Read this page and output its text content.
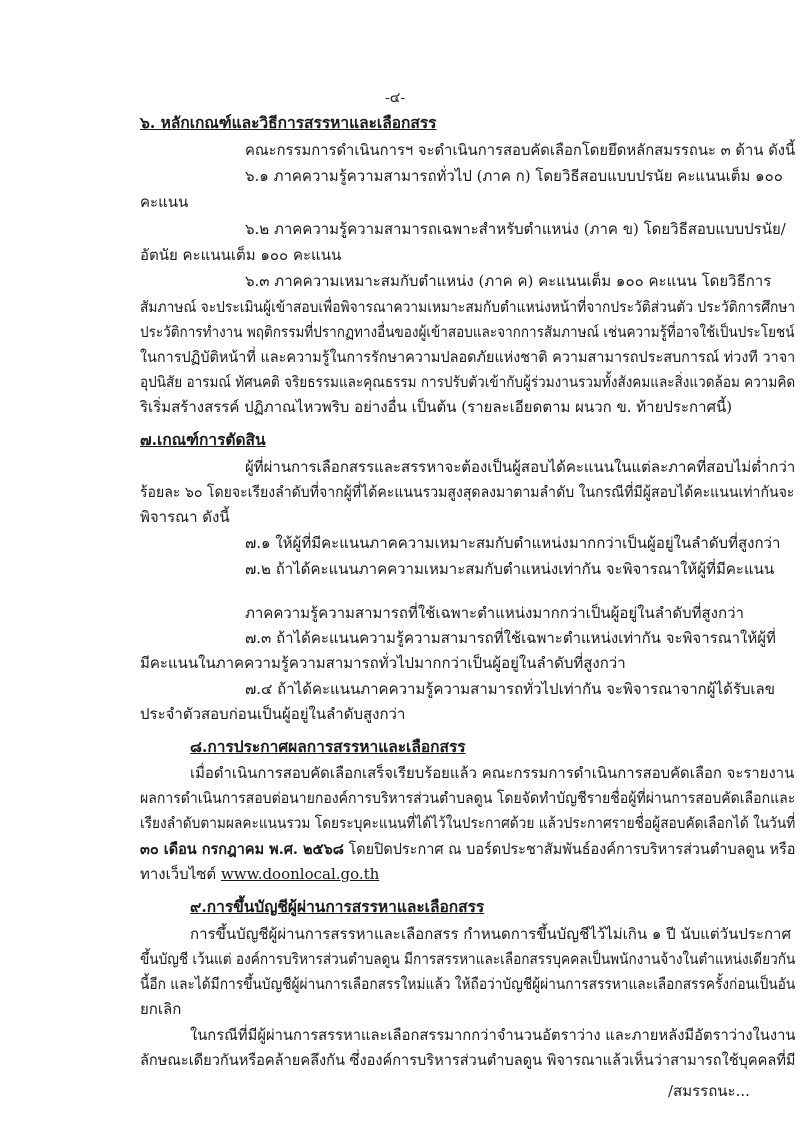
-๔-
๖. หลักเกณฑ์และวิธีการสรรหาและเลือกสรร
คณะกรรมการดำเนินการฯ จะดำเนินการสอบคัดเลือกโดยยึดหลักสมรรถนะ ๓ ด้าน ดังนี้
๖.๑ ภาคความรู้ความสามารถทั่วไป (ภาค ก) โดยวิธีสอบแบบปรนัย คะแนนเต็ม ๑๐๐
คะแนน
๖.๒ ภาคความรู้ความสามารถเฉพาะสำหรับตำแหน่ง (ภาค ข) โดยวิธีสอบแบบปรนัย/
อัตนัย คะแนนเต็ม ๑๐๐ คะแนน
๖.๓ ภาคความเหมาะสมกับตำแหน่ง (ภาค ค) คะแนนเต็ม ๑๐๐ คะแนน โดยวิธีการ
สัมภาษณ์ จะประเมินผู้เข้าสอบเพื่อพิจารณาความเหมาะสมกับตำแหน่งหน้าที่จากประวัติส่วนตัว ประวัติการศึกษา
ประวัติการทำงาน พฤติกรรมที่ปรากฏทางอื่นของผู้เข้าสอบและจากการสัมภาษณ์ เช่นความรู้ที่อาจใช้เป็นประโยชน์
ในการปฏิบัติหน้าที่ และความรู้ในการรักษาความปลอดภัยแห่งชาติ ความสามารถประสบการณ์ ท่วงที วาจา
อุปนิสัย อารมณ์ ทัศนคติ จริยธรรมและคุณธรรม การปรับตัวเข้ากับผู้ร่วมงานรวมทั้งสังคมและสิ่งแวดล้อม ความคิด
ริเริ่มสร้างสรรค์ ปฏิภาณไหวพริบ อย่างอื่น เป็นต้น (รายละเอียดตาม ผนวก ข. ท้ายประกาศนี้)
๗.เกณฑ์การตัดสิน
ผู้ที่ผ่านการเลือกสรรและสรรหาจะต้องเป็นผู้สอบได้คะแนนในแต่ละภาคที่สอบไม่ต่ำกว่า
ร้อยละ ๖๐ โดยจะเรียงลำดับที่จากผู้ที่ได้คะแนนรวมสูงสุดลงมาตามลำดับ ในกรณีที่มีผู้สอบได้คะแนนเท่ากันจะ
พิจารณา ดังนี้
๗.๑ ให้ผู้ที่มีคะแนนภาคความเหมาะสมกับตำแหน่งมากกว่าเป็นผู้อยู่ในลำดับที่สูงกว่า
๗.๒ ถ้าได้คะแนนภาคความเหมาะสมกับตำแหน่งเท่ากัน จะพิจารณาให้ผู้ที่มีคะแนน
ภาคความรู้ความสามารถที่ใช้เฉพาะตำแหน่งมากกว่าเป็นผู้อยู่ในลำดับที่สูงกว่า
๗.๓ ถ้าได้คะแนนความรู้ความสามารถที่ใช้เฉพาะตำแหน่งเท่ากัน จะพิจารณาให้ผู้ที่
มีคะแนนในภาคความรู้ความสามารถทั่วไปมากกว่าเป็นผู้อยู่ในลำดับที่สูงกว่า
๗.๔ ถ้าได้คะแนนภาคความรู้ความสามารถทั่วไปเท่ากัน จะพิจารณาจากผู้ได้รับเลข
ประจำตัวสอบก่อนเป็นผู้อยู่ในลำดับสูงกว่า
๘.การประกาศผลการสรรหาและเลือกสรร
เมื่อดำเนินการสอบคัดเลือกเสร็จเรียบร้อยแล้ว คณะกรรมการดำเนินการสอบคัดเลือก จะรายงาน
ผลการดำเนินการสอบต่อนายกองค์การบริหารส่วนตำบลดูน โดยจัดทำบัญชีรายชื่อผู้ที่ผ่านการสอบคัดเลือกและ
เรียงลำดับตามผลคะแนนรวม โดยระบุคะแนนที่ได้ไว้ในประกาศด้วย แล้วประกาศรายชื่อผู้สอบคัดเลือกได้ ในวันที่
๓๐ เดือน กรกฎาคม พ.ศ. ๒๕๖๘ โดยปิดประกาศ ณ บอร์ดประชาสัมพันธ์องค์การบริหารส่วนตำบลดูน หรือ
ทางเว็บไซต์ www.doonlocal.go.th
๙.การขึ้นบัญชีผู้ผ่านการสรรหาและเลือกสรร
การขึ้นบัญชีผู้ผ่านการสรรหาและเลือกสรร กำหนดการขึ้นบัญชีไว้ไม่เกิน ๑ ปี นับแต่วันประกาศ
ขึ้นบัญชี เว้นแต่ องค์การบริหารส่วนตำบลดูน มีการสรรหาและเลือกสรรบุคคลเป็นพนักงานจ้างในตำแหน่งเดียวกัน
นี้อีก และได้มีการขึ้นบัญชีผู้ผ่านการเลือกสรรใหม่แล้ว ให้ถือว่าบัญชีผู้ผ่านการสรรหาและเลือกสรรครั้งก่อนเป็นอัน
ยกเลิก
ในกรณีที่มีผู้ผ่านการสรรหาและเลือกสรรมากกว่าจำนวนอัตราว่าง และภายหลังมีอัตราว่างในงาน
ลักษณะเดียวกันหรือคล้ายคลึงกัน ซึ่งองค์การบริหารส่วนตำบลดูน พิจารณาแล้วเห็นว่าสามารถใช้บุคคลที่มี
/สมรรถนะ...
